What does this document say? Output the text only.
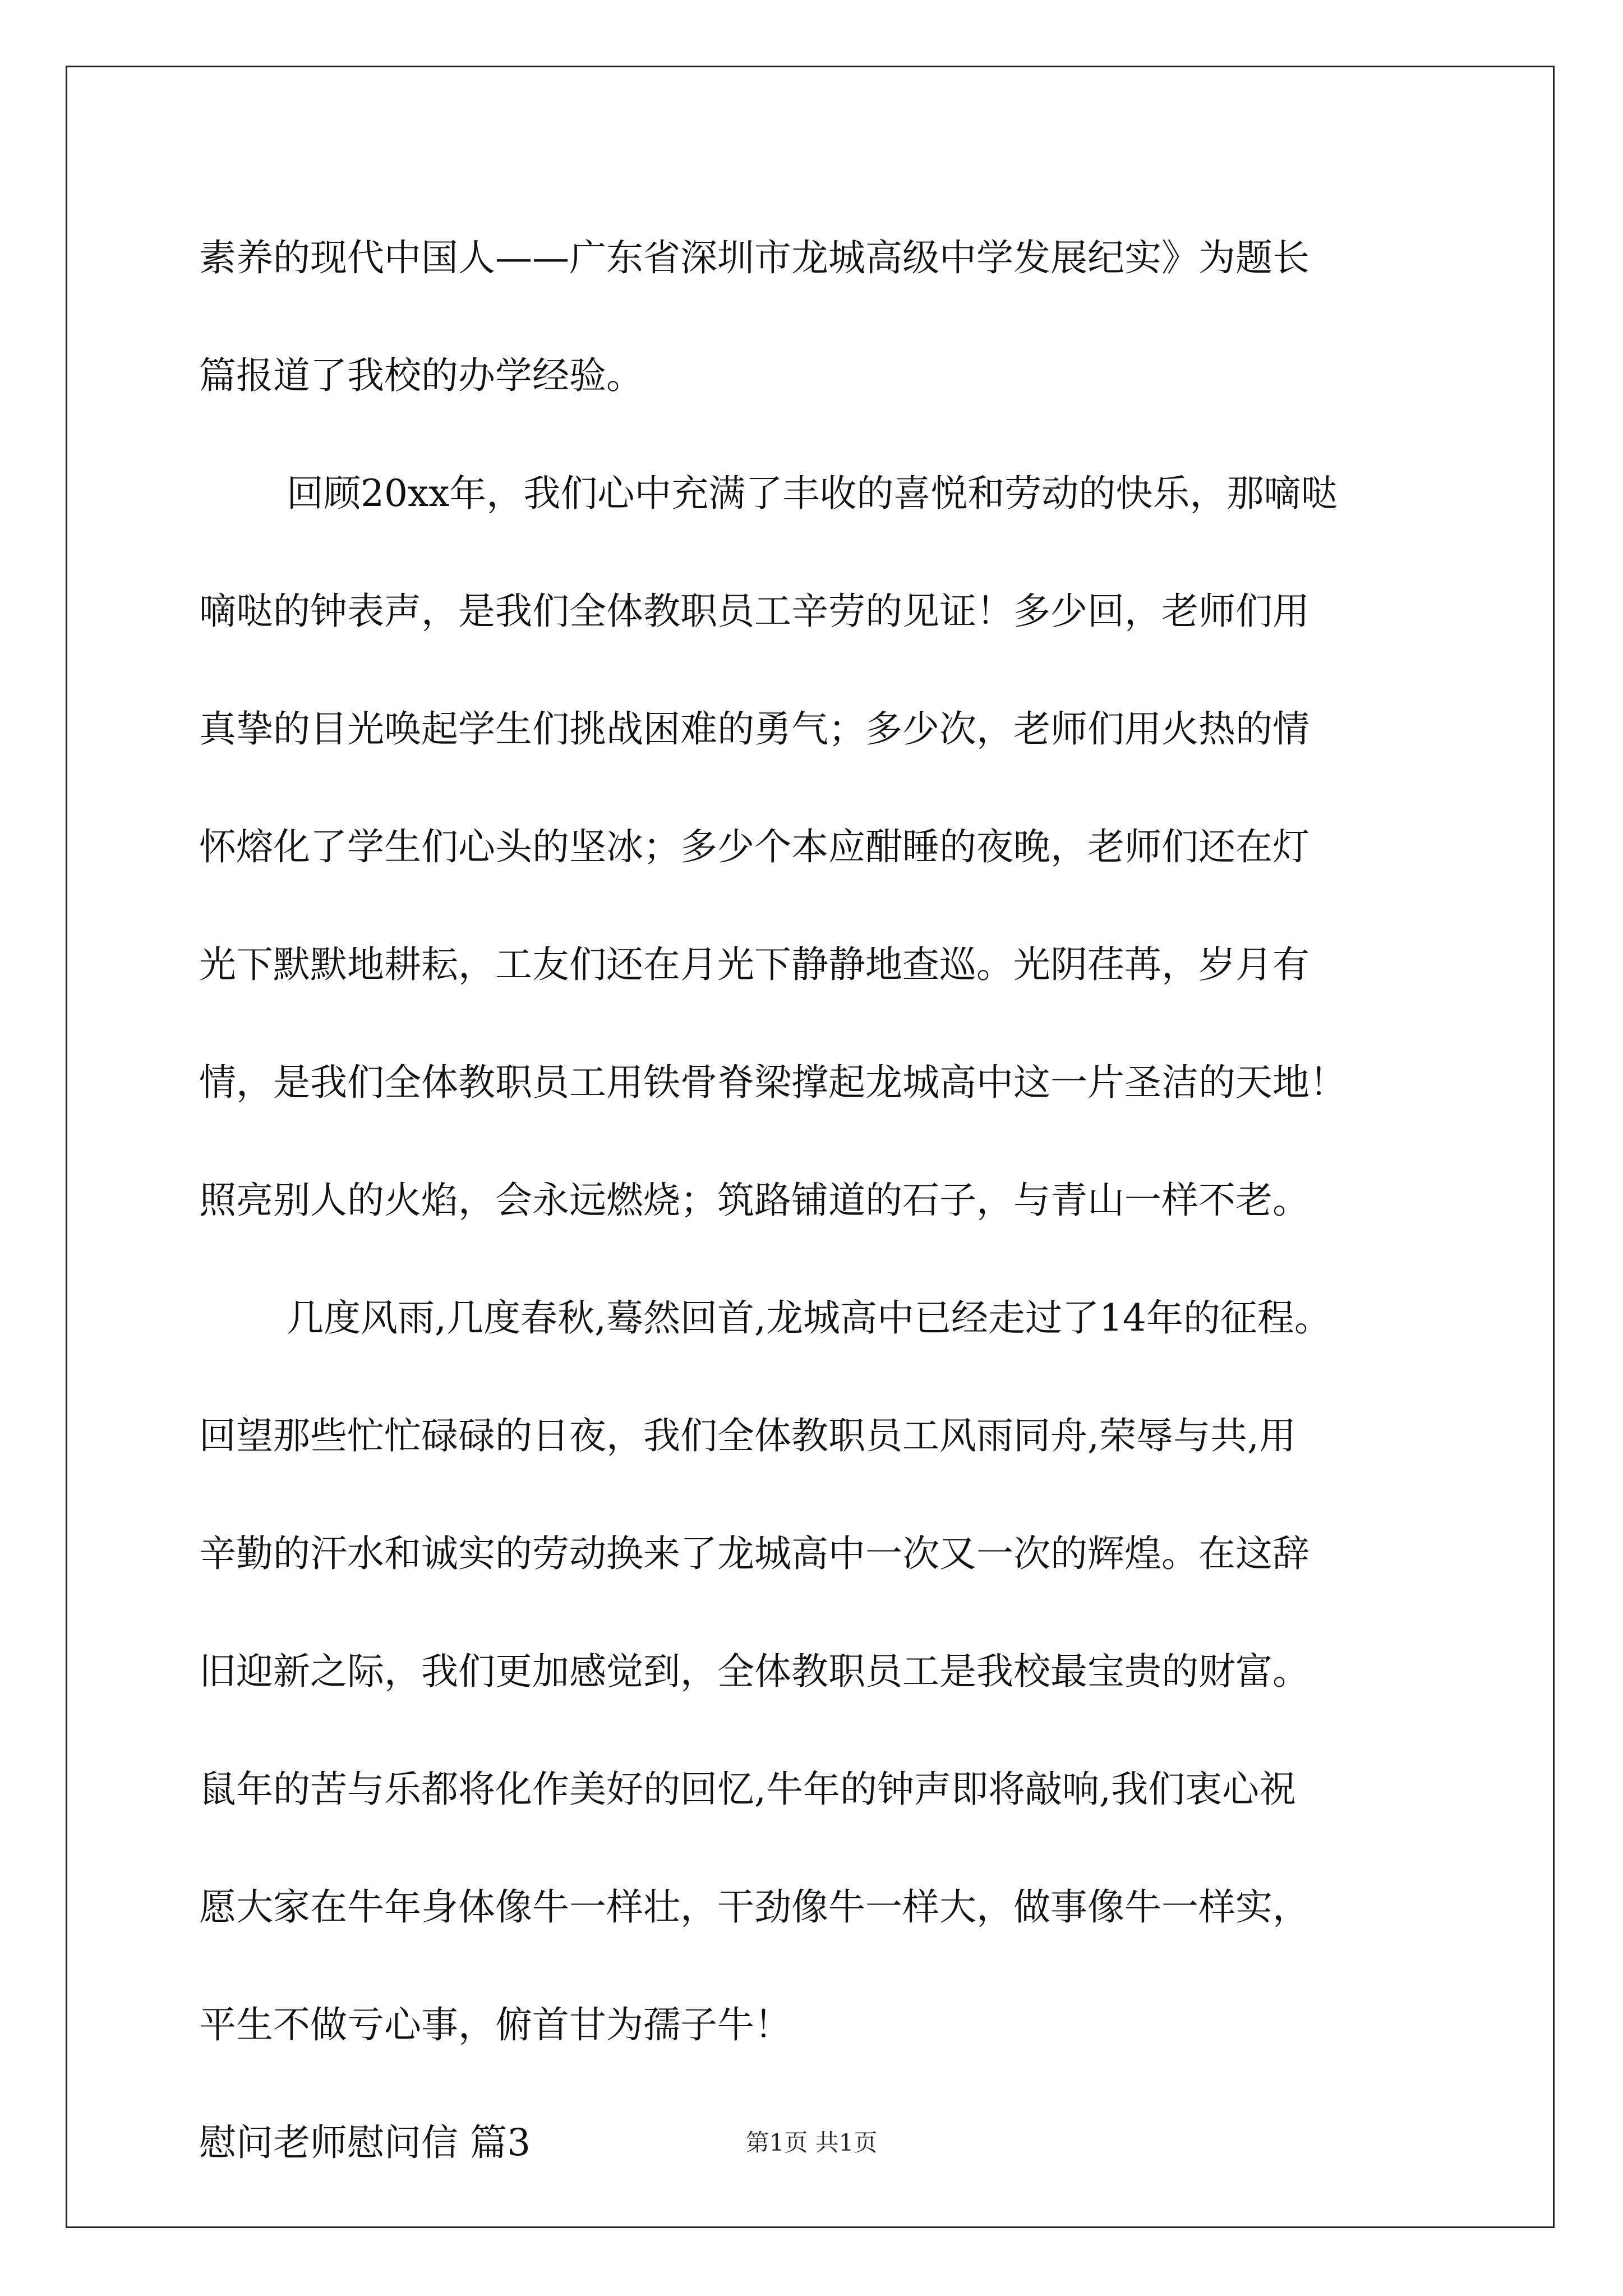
素养的现代中国人——广东省深圳市龙城高级中学发展纪实》为题长
篇报道了我校的办学经验。
回顾20xx年，我们心中充满了丰收的喜悦和劳动的快乐，那嘀哒
嘀哒的钟表声，是我们全体教职员工辛劳的见证！多少回，老师们用
真挚的目光唤起学生们挑战困难的勇气；多少次，老师们用火热的情
怀熔化了学生们心头的坚冰；多少个本应酣睡的夜晚，老师们还在灯
光下默默地耕耘，工友们还在月光下静静地查巡。光阴荏苒，岁月有
情，是我们全体教职员工用铁骨脊梁撑起龙城高中这一片圣洁的天地！
照亮别人的火焰，会永远燃烧；筑路铺道的石子，与青山一样不老。
几度风雨,几度春秋,蓦然回首,龙城高中已经走过了14年的征程。
回望那些忙忙碌碌的日夜，我们全体教职员工风雨同舟,荣辱与共,用
辛勤的汗水和诚实的劳动换来了龙城高中一次又一次的辉煌。在这辞
旧迎新之际，我们更加感觉到，全体教职员工是我校最宝贵的财富。
鼠年的苦与乐都将化作美好的回忆,牛年的钟声即将敲响,我们衷心祝
愿大家在牛年身体像牛一样壮，干劲像牛一样大，做事像牛一样实，
平生不做亏心事，俯首甘为孺子牛！
慰问老师慰问信 篇3	第1页 共1页
